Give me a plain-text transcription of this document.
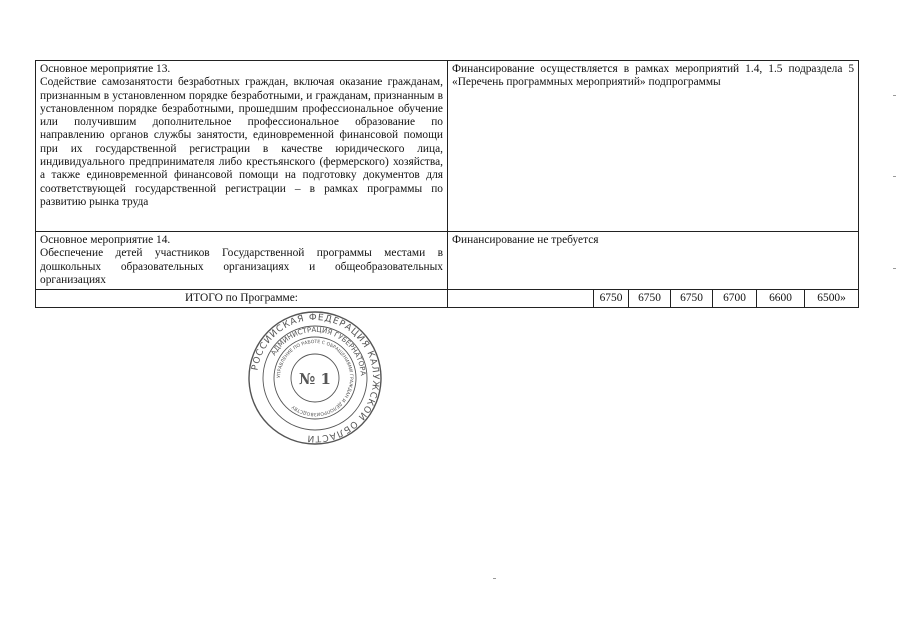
Основное мероприятие 13.
Содействие самозанятости безработных граждан, включая оказание гражданам, признанным в установленном порядке безработными, и гражданам, признанным в установленном порядке безработными, прошедшим профессиональное обучение или получившим дополнительное профессиональное образование по направлению органов службы занятости, единовременной финансовой помощи при их государственной регистрации в качестве юридического лица, индивидуального предпринимателя либо крестьянского (фермерского) хозяйства, а также единовременной финансовой помощи на подготовку документов для соответствующей государственной регистрации – в рамках программы по развитию рынка труда	Финансирование осуществляется в рамках мероприятий 1.4, 1.5 подраздела 5 «Перечень программных мероприятий» подпрограммы						

Основное мероприятие 14.
Обеспечение детей участников Государственной программы местами в дошкольных образовательных организациях и общеобразовательных организациях	Финансирование не требуется						

ИТОГО по Программе:		6750	6750	6750	6700	6600	6500»
РОССИЙСКАЯ ФЕДЕРАЦИЯ КАЛУЖСКОЙ ОБЛАСТИ
АДМИНИСТРАЦИЯ ГУБЕРНАТОРА
УПРАВЛЕНИЕ ПО РАБОТЕ С ОБРАЩЕНИЯМИ ГРАЖДАН И ДЕЛОПРОИЗВОДСТВУ
№ 1
